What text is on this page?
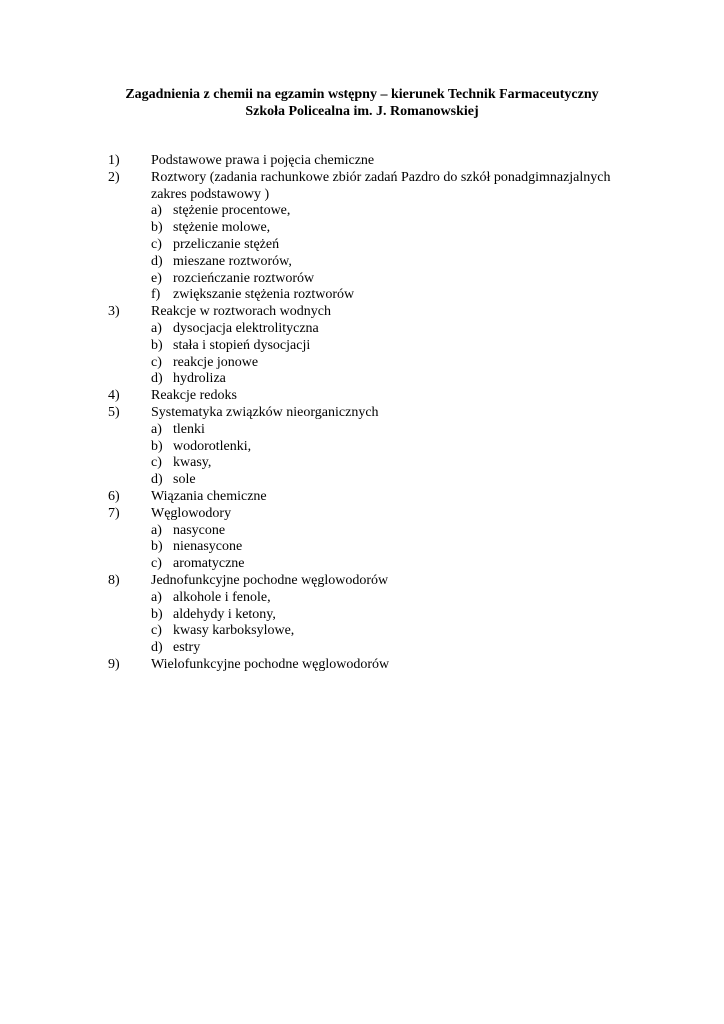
Zagadnienia z chemii na egzamin wstępny – kierunek Technik Farmaceutyczny
Szkoła Policealna im. J. Romanowskiej
1) Podstawowe prawa i pojęcia chemiczne
2) Roztwory (zadania rachunkowe zbiór zadań Pazdro do szkół ponadgimnazjalnych
zakres podstawowy )
a) stężenie procentowe,
b) stężenie molowe,
c) przeliczanie stężeń
d) mieszane roztworów,
e) rozcieńczanie roztworów
f) zwiększanie stężenia roztworów
3) Reakcje w roztworach wodnych
a) dysocjacja elektrolityczna
b) stała i stopień dysocjacji
c) reakcje jonowe
d) hydroliza
4) Reakcje redoks
5) Systematyka związków nieorganicznych
a) tlenki
b) wodorotlenki,
c) kwasy,
d) sole
6) Wiązania chemiczne
7) Węglowodory
a) nasycone
b) nienasycone
c) aromatyczne
8) Jednofunkcyjne pochodne węglowodorów
a) alkohole i fenole,
b) aldehydy i ketony,
c) kwasy karboksylowe,
d) estry
9) Wielofunkcyjne pochodne węglowodorów
